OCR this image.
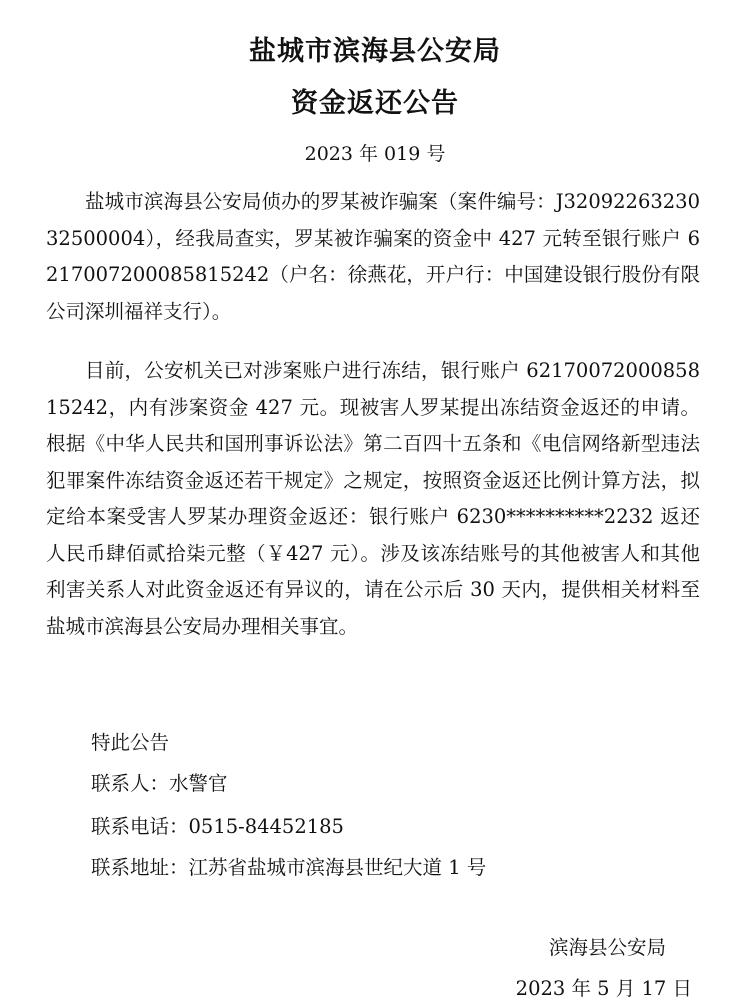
盐城市滨海县公安局
资金返还公告
2023 年 019 号

盐城市滨海县公安局侦办的罗某被诈骗案（案件编号：J3209226323032500004），经我局查实，罗某被诈骗案的资金中 427 元转至银行账户 6217007200085815242（户名：徐燕花，开户行：中国建设银行股份有限公司深圳福祥支行）。

目前，公安机关已对涉案账户进行冻结，银行账户 6217007200085815242，内有涉案资金 427 元。现被害人罗某提出冻结资金返还的申请。根据《中华人民共和国刑事诉讼法》第二百四十五条和《电信网络新型违法犯罪案件冻结资金返还若干规定》之规定，按照资金返还比例计算方法，拟定给本案受害人罗某办理资金返还：银行账户 6230**********2232 返还人民币肆佰贰拾柒元整（￥427 元）。涉及该冻结账号的其他被害人和其他利害关系人对此资金返还有异议的，请在公示后 30 天内，提供相关材料至盐城市滨海县公安局办理相关事宜。

特此公告
联系人：水警官
联系电话：0515-84452185
联系地址：江苏省盐城市滨海县世纪大道 1 号
滨海县公安局
2023 年 5 月 17 日
